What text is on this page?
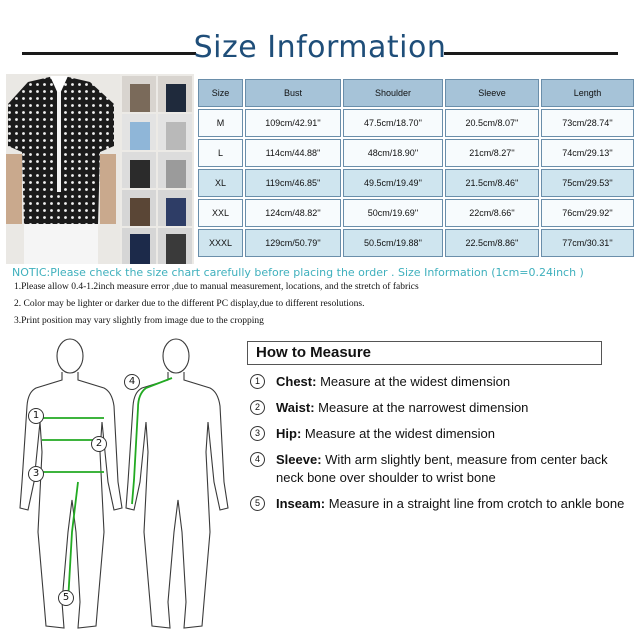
Size Information
Size	Bust	Shoulder	Sleeve	Length
M	109cm/42.91''	47.5cm/18.70''	20.5cm/8.07''	73cm/28.74''
L	114cm/44.88''	48cm/18.90''	21cm/8.27''	74cm/29.13''
XL	119cm/46.85''	49.5cm/19.49''	21.5cm/8.46''	75cm/29.53''
XXL	124cm/48.82''	50cm/19.69''	22cm/8.66''	76cm/29.92''
XXXL	129cm/50.79''	50.5cm/19.88''	22.5cm/8.86''	77cm/30.31''
NOTIC:Please check the size chart carefully before placing the order . Size Information (1cm=0.24inch )
1.Please allow 0.4-1.2inch measure error ,due to manual measurement, locations, and the stretch of fabrics
2. Color may be lighter or darker due to the different PC display,due to different resolutions.
3.Print position may vary slightly from image due to the cropping
1
2
3
4
5
How to Measure
1	Chest: Measure at the widest dimension
2	Waist: Measure at the narrowest dimension
3	Hip: Measure at the widest dimension
4	Sleeve: With arm slightly bent, measure from center back neck bone over shoulder to wrist bone
5	Inseam: Measure in a straight line from crotch to ankle bone
